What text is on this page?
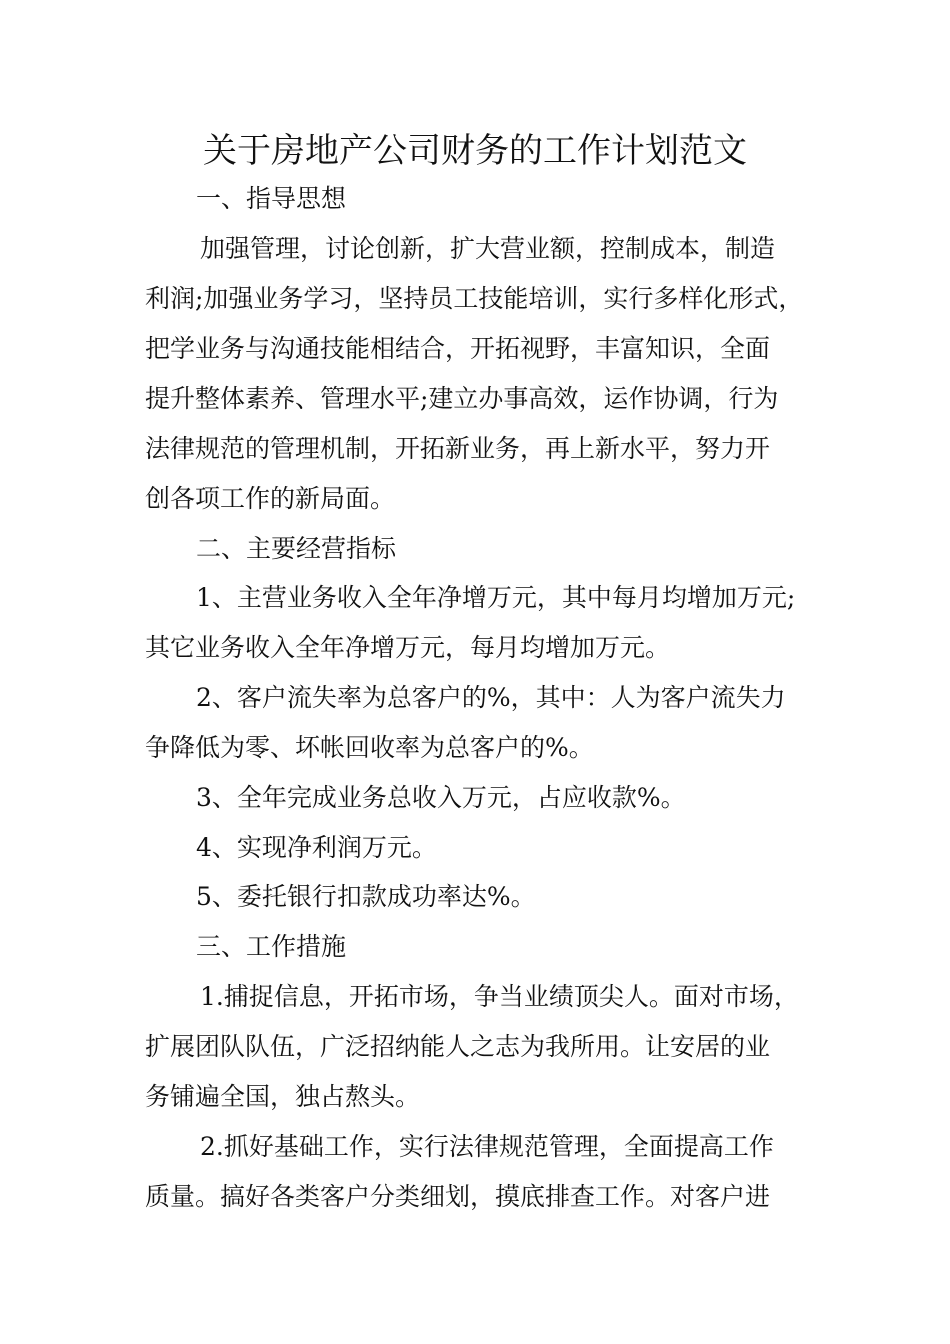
关于房地产公司财务的工作计划范文
一、指导思想
加强管理，讨论创新，扩大营业额，控制成本，制造
利润;加强业务学习，坚持员工技能培训，实行多样化形式，
把学业务与沟通技能相结合，开拓视野，丰富知识，全面
提升整体素养、管理水平;建立办事高效，运作协调，行为
法律规范的管理机制，开拓新业务，再上新水平，努力开
创各项工作的新局面。
二、主要经营指标
1、主营业务收入全年净增万元，其中每月均增加万元;
其它业务收入全年净增万元，每月均增加万元。
2、客户流失率为总客户的%，其中：人为客户流失力
争降低为零、坏帐回收率为总客户的%。
3、全年完成业务总收入万元，占应收款%。
4、实现净利润万元。
5、委托银行扣款成功率达%。
三、工作措施
1.捕捉信息，开拓市场，争当业绩顶尖人。面对市场，
扩展团队队伍，广泛招纳能人之志为我所用。让安居的业
务铺遍全国，独占熬头。
2.抓好基础工作，实行法律规范管理，全面提高工作
质量。搞好各类客户分类细划，摸底排查工作。对客户进
